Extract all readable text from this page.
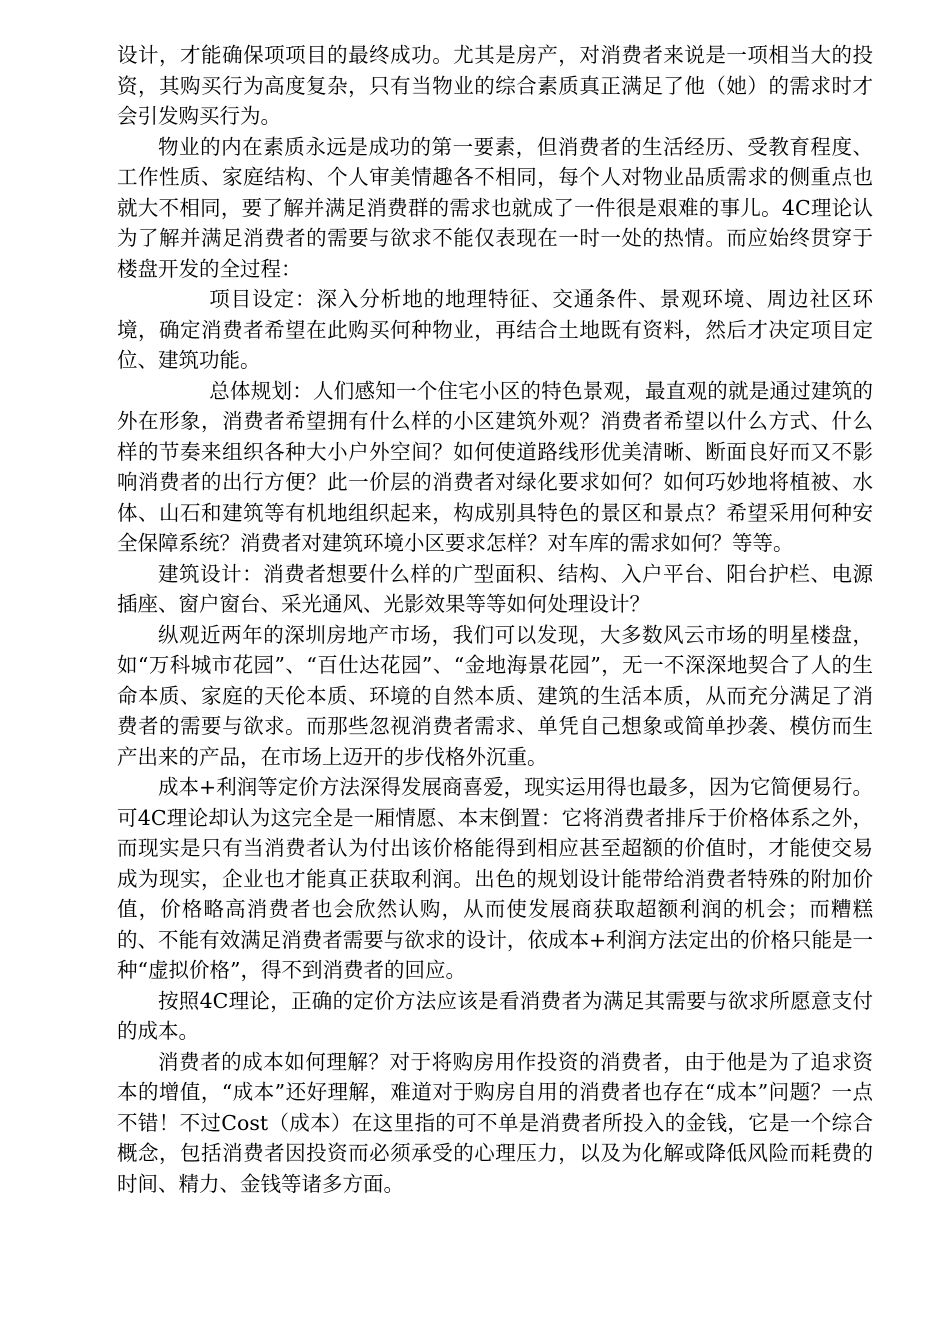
设计，才能确保项项目的最终成功。尤其是房产，对消费者来说是一项相当大的投资，其购买行为高度复杂，只有当物业的综合素质真正满足了他（她）的需求时才会引发购买行为。

物业的内在素质永远是成功的第一要素，但消费者的生活经历、受教育程度、工作性质、家庭结构、个人审美情趣各不相同，每个人对物业品质需求的侧重点也就大不相同，要了解并满足消费群的需求也就成了一件很是艰难的事儿。4C理论认为了解并满足消费者的需要与欲求不能仅表现在一时一处的热情。而应始终贯穿于楼盘开发的全过程：

项目设定：深入分析地的地理特征、交通条件、景观环境、周边社区环境，确定消费者希望在此购买何种物业，再结合土地既有资料，然后才决定项目定位、建筑功能。

总体规划：人们感知一个住宅小区的特色景观，最直观的就是通过建筑的外在形象，消费者希望拥有什么样的小区建筑外观？消费者希望以什么方式、什么样的节奏来组织各种大小户外空间？如何使道路线形优美清晰、断面良好而又不影响消费者的出行方便？此一价层的消费者对绿化要求如何？如何巧妙地将植被、水体、山石和建筑等有机地组织起来，构成别具特色的景区和景点？希望采用何种安全保障系统？消费者对建筑环境小区要求怎样？对车库的需求如何？等等。

建筑设计：消费者想要什么样的广型面积、结构、入户平台、阳台护栏、电源插座、窗户窗台、采光通风、光影效果等等如何处理设计？

纵观近两年的深圳房地产市场，我们可以发现，大多数风云市场的明星楼盘，如“万科城市花园”、“百仕达花园”、“金地海景花园”，无一不深深地契合了人的生命本质、家庭的天伦本质、环境的自然本质、建筑的生活本质，从而充分满足了消费者的需要与欲求。而那些忽视消费者需求、单凭自己想象或简单抄袭、模仿而生产出来的产品，在市场上迈开的步伐格外沉重。

成本+利润等定价方法深得发展商喜爱，现实运用得也最多，因为它简便易行。可4C理论却认为这完全是一厢情愿、本末倒置：它将消费者排斥于价格体系之外，而现实是只有当消费者认为付出该价格能得到相应甚至超额的价值时，才能使交易成为现实，企业也才能真正获取利润。出色的规划设计能带给消费者特殊的附加价值，价格略高消费者也会欣然认购，从而使发展商获取超额利润的机会；而糟糕的、不能有效满足消费者需要与欲求的设计，依成本+利润方法定出的价格只能是一种“虚拟价格”，得不到消费者的回应。

按照4C理论，正确的定价方法应该是看消费者为满足其需要与欲求所愿意支付的成本。

消费者的成本如何理解？对于将购房用作投资的消费者，由于他是为了追求资本的增值，“成本”还好理解，难道对于购房自用的消费者也存在“成本”问题？一点不错！不过Cost（成本）在这里指的可不单是消费者所投入的金钱，它是一个综合概念，包括消费者因投资而必须承受的心理压力，以及为化解或降低风险而耗费的时间、精力、金钱等诸多方面。
